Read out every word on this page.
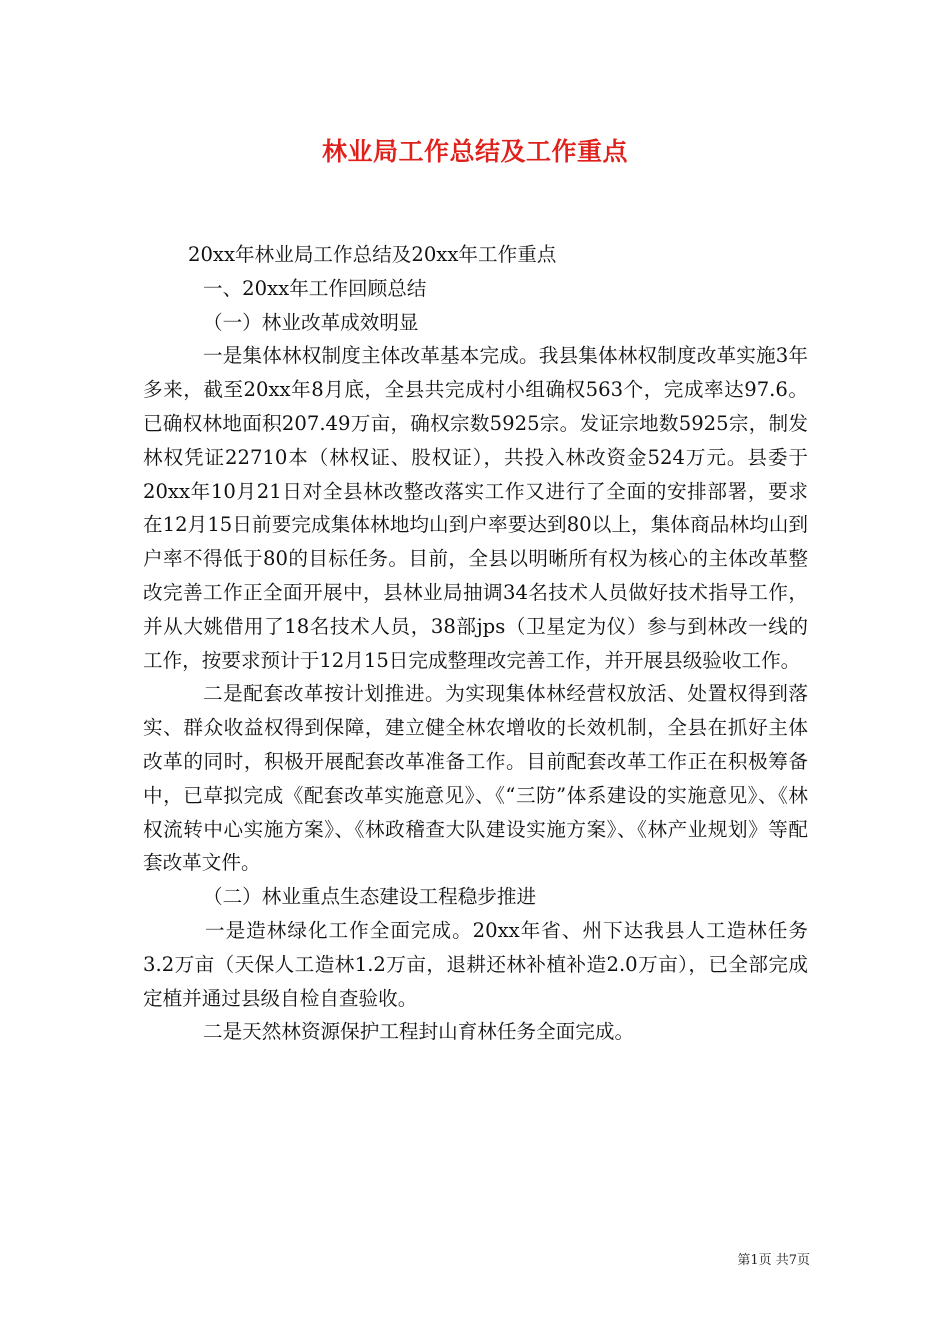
林业局工作总结及工作重点

20xx年林业局工作总结及20xx年工作重点

一、20xx年工作回顾总结

（一）林业改革成效明显

一是集体林权制度主体改革基本完成。我县集体林权制度改革实施3年多来，截至20xx年8月底，全县共完成村小组确权563个，完成率达97.6。已确权林地面积207.49万亩，确权宗数5925宗。发证宗地数5925宗，制发林权凭证22710本（林权证、股权证），共投入林改资金524万元。县委于20xx年10月21日对全县林改整改落实工作又进行了全面的安排部署，要求在12月15日前要完成集体林地均山到户率要达到80以上，集体商品林均山到户率不得低于80的目标任务。目前，全县以明晰所有权为核心的主体改革整改完善工作正全面开展中，县林业局抽调34名技术人员做好技术指导工作，并从大姚借用了18名技术人员，38部jps（卫星定为仪）参与到林改一线的工作，按要求预计于12月15日完成整理改完善工作，并开展县级验收工作。

二是配套改革按计划推进。为实现集体林经营权放活、处置权得到落实、群众收益权得到保障，建立健全林农增收的长效机制，全县在抓好主体改革的同时，积极开展配套改革准备工作。目前配套改革工作正在积极筹备中，已草拟完成《配套改革实施意见》、《“三防”体系建设的实施意见》、《林权流转中心实施方案》、《林政稽查大队建设实施方案》、《林产业规划》等配套改革文件。

（二）林业重点生态建设工程稳步推进

一是造林绿化工作全面完成。20xx年省、州下达我县人工造林任务3.2万亩（天保人工造林1.2万亩，退耕还林补植补造2.0万亩），已全部完成定植并通过县级自检自查验收。

二是天然林资源保护工程封山育林任务全面完成。

第1页 共7页
